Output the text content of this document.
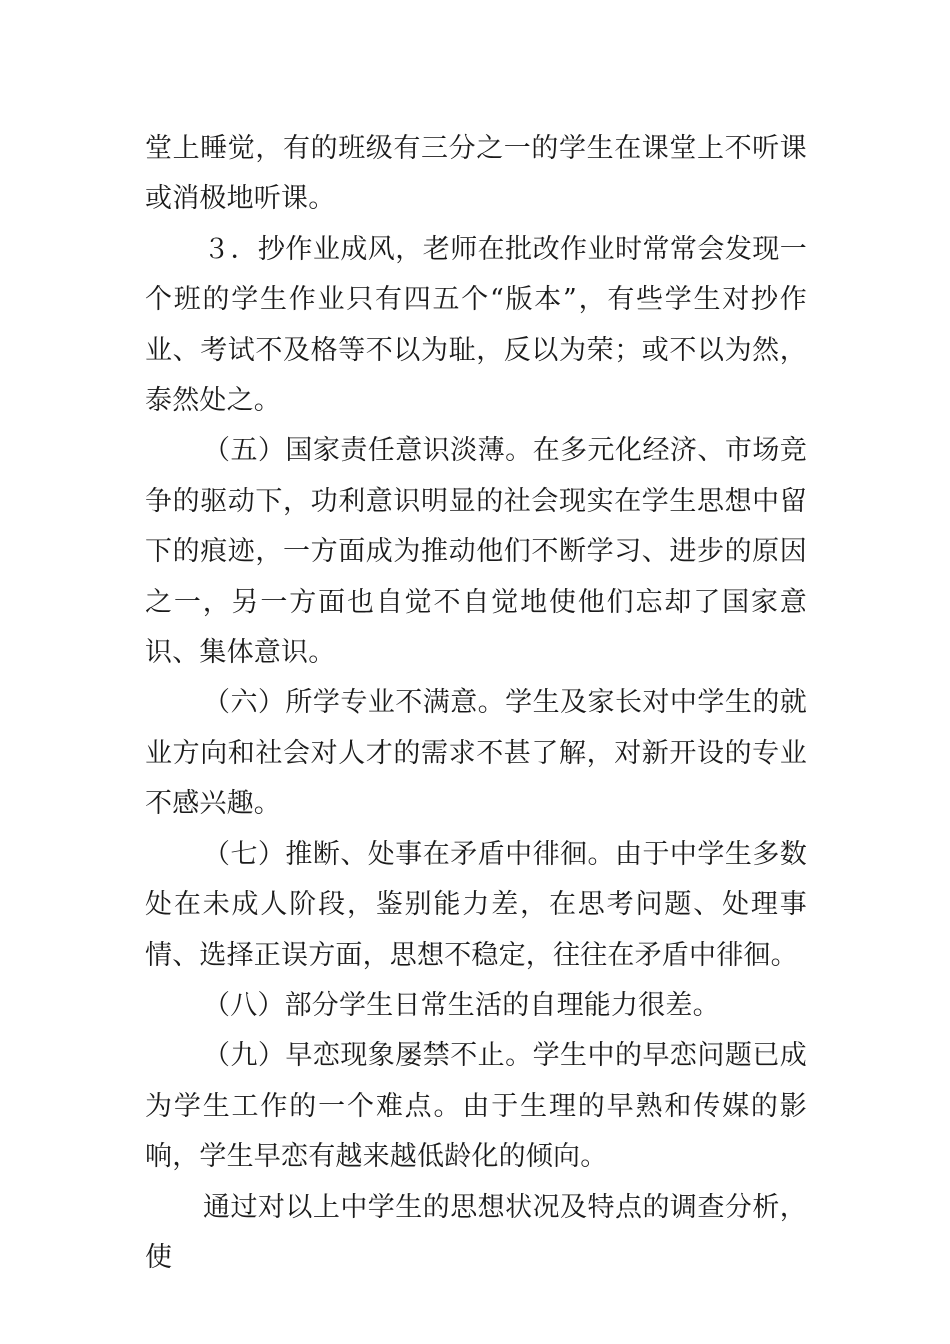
堂上睡觉，有的班级有三分之一的学生在课堂上不听课或消极地听课。

３．抄作业成风，老师在批改作业时常常会发现一个班的学生作业只有四五个“版本”，有些学生对抄作业、考试不及格等不以为耻，反以为荣；或不以为然，泰然处之。

（五）国家责任意识淡薄。在多元化经济、市场竞争的驱动下，功利意识明显的社会现实在学生思想中留下的痕迹，一方面成为推动他们不断学习、进步的原因之一，另一方面也自觉不自觉地使他们忘却了国家意识、集体意识。

（六）所学专业不满意。学生及家长对中学生的就业方向和社会对人才的需求不甚了解，对新开设的专业不感兴趣。

（七）推断、处事在矛盾中徘徊。由于中学生多数处在未成人阶段，鉴别能力差，在思考问题、处理事情、选择正误方面，思想不稳定，往往在矛盾中徘徊。

（八）部分学生日常生活的自理能力很差。

（九）早恋现象屡禁不止。学生中的早恋问题已成为学生工作的一个难点。由于生理的早熟和传媒的影响，学生早恋有越来越低龄化的倾向。

通过对以上中学生的思想状况及特点的调查分析，使
